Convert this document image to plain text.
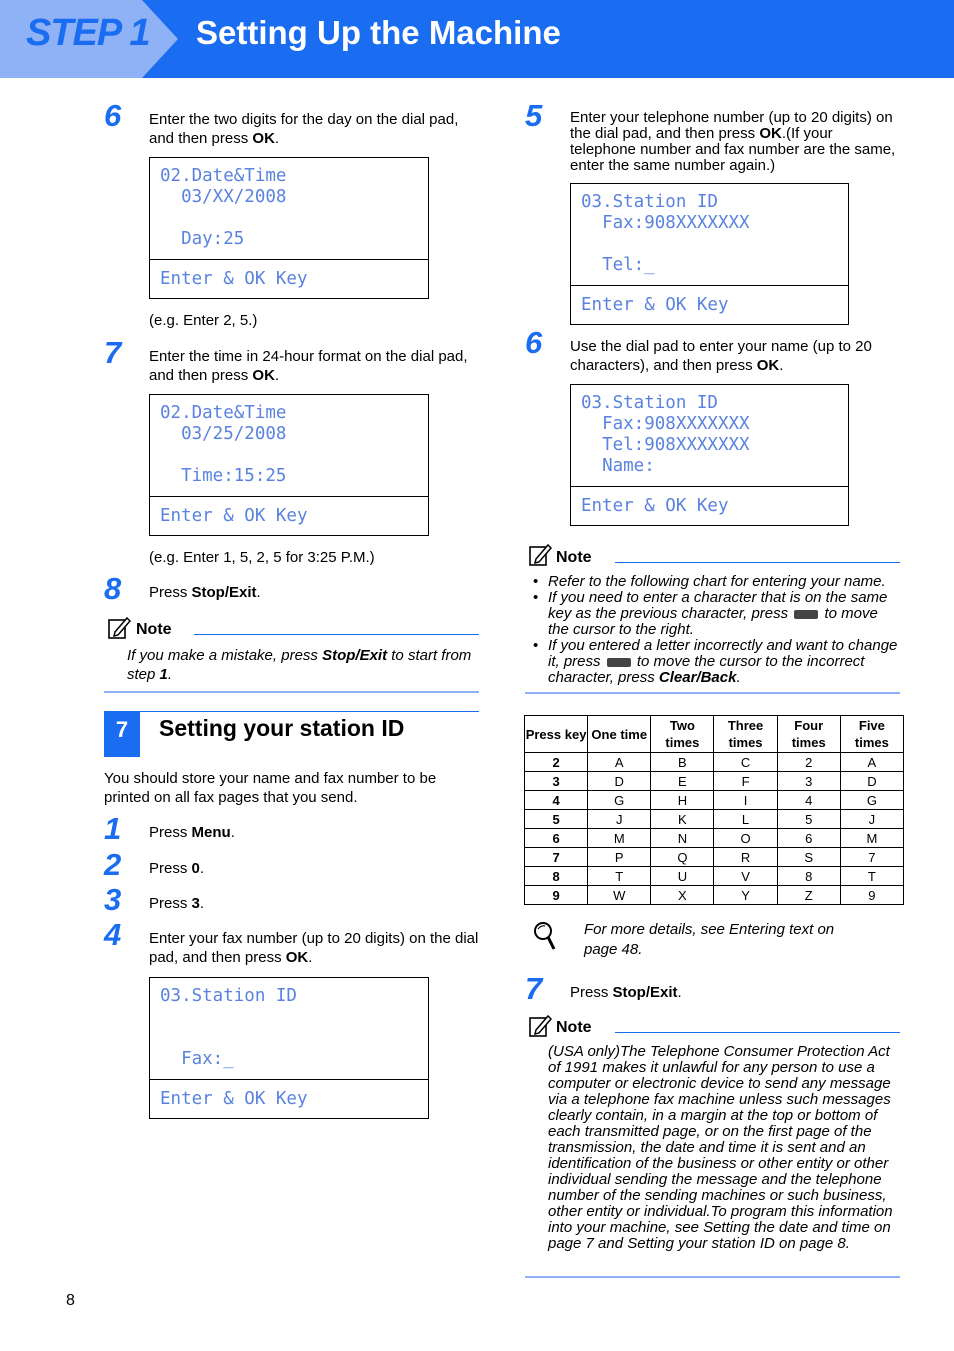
STEP 1 Setting Up the Machine
6 Enter the two digits for the day on the dial pad, and then press OK.
02.Date&Time
03/XX/2008
Day:25
Enter & OK Key
(e.g. Enter 2, 5.)
7 Enter the time in 24-hour format on the dial pad, and then press OK.
02.Date&Time
03/25/2008
Time:15:25
Enter & OK Key
(e.g. Enter 1, 5, 2, 5 for 3:25 P.M.)
8 Press Stop/Exit.
Note
If you make a mistake, press Stop/Exit to start from step 1.
7	Setting your station ID
You should store your name and fax number to be printed on all fax pages that you send.
1 Press Menu.
2 Press 0.
3 Press 3.
4 Enter your fax number (up to 20 digits) on the dial pad, and then press OK.
03.Station ID
Fax:_
Enter & OK Key
5 Enter your telephone number (up to 20 digits) on the dial pad, and then press OK.(If your telephone number and fax number are the same, enter the same number again.)
03.Station ID
Fax:908XXXXXXX
Tel:_
Enter & OK Key
6 Use the dial pad to enter your name (up to 20 characters), and then press OK.
03.Station ID
Fax:908XXXXXXX
Tel:908XXXXXXX
Name:
Enter & OK Key
Note
• Refer to the following chart for entering your name.
• If you need to enter a character that is on the same key as the previous character, press to move the cursor to the right.
• If you entered a letter incorrectly and want to change it, press to move the cursor to the incorrect character, press Clear/Back.
Press key	One time	Two times	Three times	Four times	Five times
2	A	B	C	2	A
3	D	E	F	3	D
4	G	H	I	4	G
5	J	K	L	5	J
6	M	N	O	6	M
7	P	Q	R	S	7
8	T	U	V	8	T
9	W	X	Y	Z	9
For more details, see Entering text on page 48.
7 Press Stop/Exit.
Note
(USA only)The Telephone Consumer Protection Act of 1991 makes it unlawful for any person to use a computer or electronic device to send any message via a telephone fax machine unless such messages clearly contain, in a margin at the top or bottom of each transmitted page, or on the first page of the transmission, the date and time it is sent and an identification of the business or other entity or other individual sending the message and the telephone number of the sending machines or such business, other entity or individual.To program this information into your machine, see Setting the date and time on page 7 and Setting your station ID on page 8.
8
